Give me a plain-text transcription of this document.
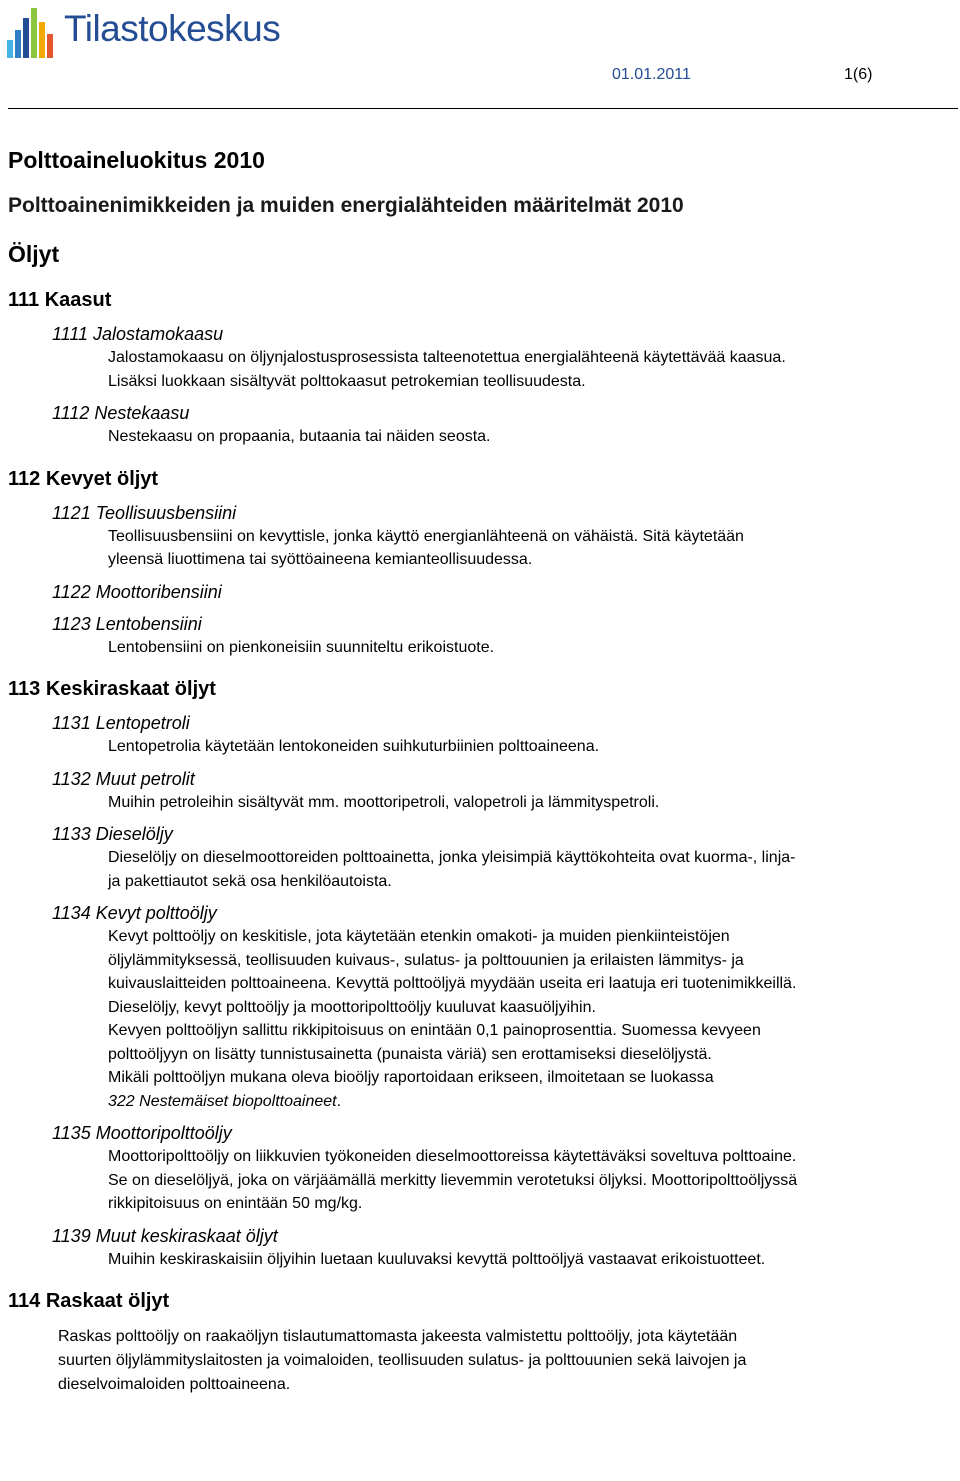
Tilastokeskus
01.01.2011	1(6)
Polttoaineluokitus 2010
Polttoainenimikkeiden ja muiden energialähteiden määritelmät 2010
Öljyt
111 Kaasut
1111 Jalostamokaasu
Jalostamokaasu on öljynjalostusprosessista talteenotettua energialähteenä käytettävää kaasua.
Lisäksi luokkaan sisältyvät polttokaasut petrokemian teollisuudesta.
1112 Nestekaasu
Nestekaasu on propaania, butaania tai näiden seosta.
112 Kevyet öljyt
1121 Teollisuusbensiini
Teollisuusbensiini on kevyttisle, jonka käyttö energianlähteenä on vähäistä. Sitä käytetään
yleensä liuottimena tai syöttöaineena kemianteollisuudessa.
1122 Moottoribensiini
1123 Lentobensiini
Lentobensiini on pienkoneisiin suunniteltu erikoistuote.
113 Keskiraskaat öljyt
1131 Lentopetroli
Lentopetrolia käytetään lentokoneiden suihkuturbiinien polttoaineena.
1132 Muut petrolit
Muihin petroleihin sisältyvät mm. moottoripetroli, valopetroli ja lämmityspetroli.
1133 Dieselöljy
Dieselöljy on dieselmoottoreiden polttoainetta, jonka yleisimpiä käyttökohteita ovat kuorma-, linja-
ja pakettiautot sekä osa henkilöautoista.
1134 Kevyt polttoöljy
Kevyt polttoöljy on keskitisle, jota käytetään etenkin omakoti- ja muiden pienkiinteistöjen
öljylämmityksessä, teollisuuden kuivaus-, sulatus- ja polttouunien ja erilaisten lämmitys- ja
kuivauslaitteiden polttoaineena. Kevyttä polttoöljyä myydään useita eri laatuja eri tuotenimikkeillä.
Dieselöljy, kevyt polttoöljy ja moottoripolttoöljy kuuluvat kaasuöljyihin.
Kevyen polttoöljyn sallittu rikkipitoisuus on enintään 0,1 painoprosenttia. Suomessa kevyeen
polttoöljyyn on lisätty tunnistusainetta (punaista väriä) sen erottamiseksi dieselöljystä.
Mikäli polttoöljyn mukana oleva bioöljy raportoidaan erikseen, ilmoitetaan se luokassa
322 Nestemäiset biopolttoaineet.
1135 Moottoripolttoöljy
Moottoripolttoöljy on liikkuvien työkoneiden dieselmoottoreissa käytettäväksi soveltuva polttoaine.
Se on dieselöljyä, joka on värjäämällä merkitty lievemmin verotetuksi öljyksi. Moottoripolttoöljyssä
rikkipitoisuus on enintään 50 mg/kg.
1139 Muut keskiraskaat öljyt
Muihin keskiraskaisiin öljyihin luetaan kuuluvaksi kevyttä polttoöljyä vastaavat erikoistuotteet.
114 Raskaat öljyt
Raskas polttoöljy on raakaöljyn tislautumattomasta jakeesta valmistettu polttoöljy, jota käytetään
suurten öljylämmityslaitosten ja voimaloiden, teollisuuden sulatus- ja polttouunien sekä laivojen ja
dieselvoimaloiden polttoaineena.
